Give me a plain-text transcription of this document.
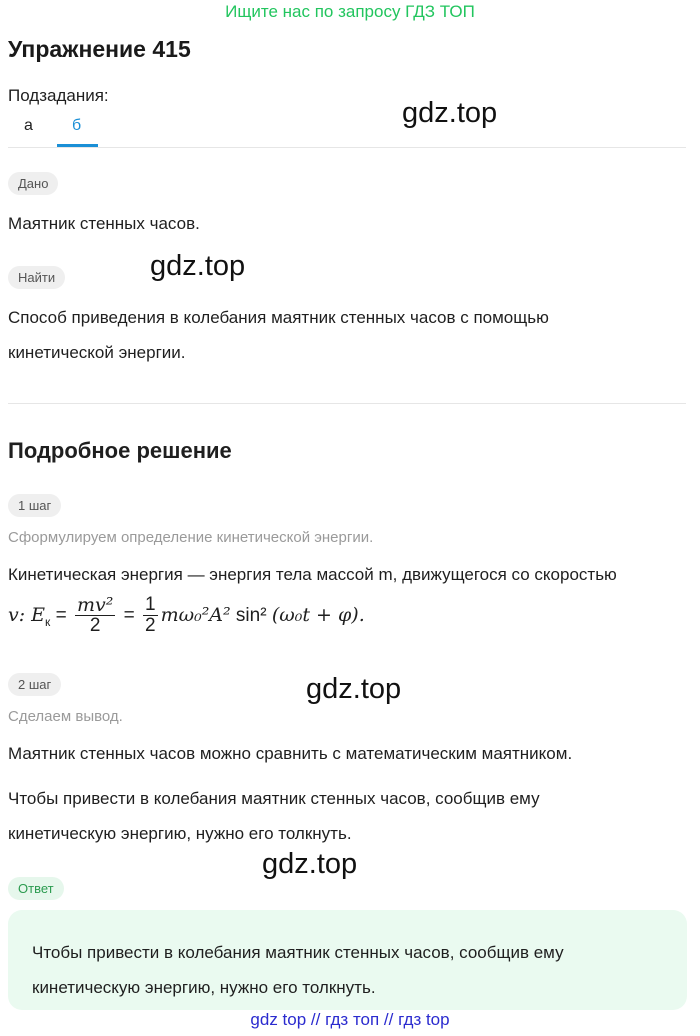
Ищите нас по запросу ГДЗ ТОП
Упражнение 415
Подзадания:
а б	gdz.top
Дано
Маятник стенных часов.
Найти	gdz.top
Способ приведения в колебания маятник стенных часов с помощью
кинетической энергии.
Подробное решение
1 шаг
Сформулируем определение кинетической энергии.
Кинетическая энергия — энергия тела массой m, движущегося со скоростью
v: $E_к = \frac{\text{mv²}}{2} = \frac{1}{2} m\omega_0^2A^2$ sin² (ω₀t + φ).
2 шаг	gdz.top
Сделаем вывод.
Маятник стенных часов можно сравнить с математическим маятником.
Чтобы привести в колебания маятник стенных часов, сообщив ему
кинетическую энергию, нужно его толкнуть.
gdz.top
Ответ
Чтобы привести в колебания маятник стенных часов, сообщив ему
кинетическую энергию, нужно его толкнуть.
gdz top // гдз топ // гдз top
